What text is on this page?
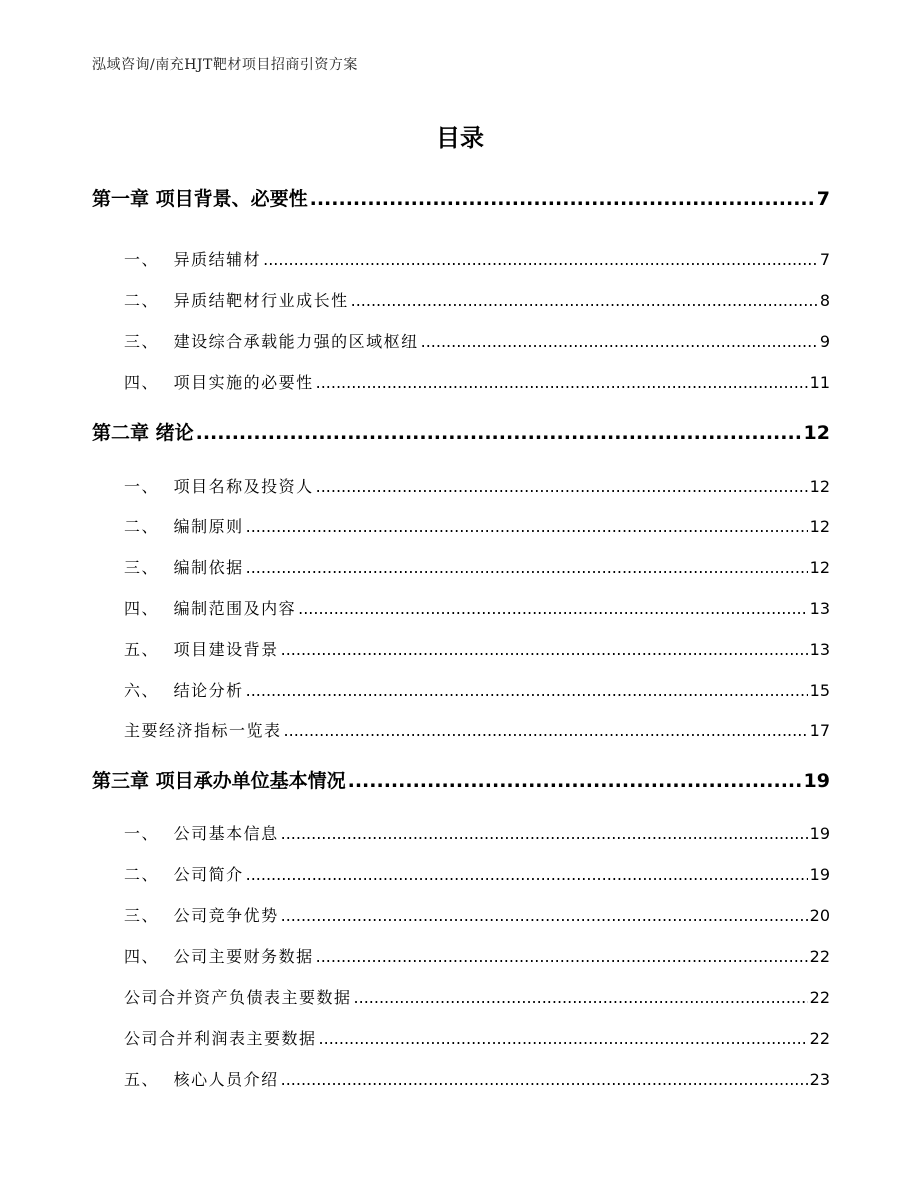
泓域咨询/南充HJT靶材项目招商引资方案
目录
第一章 项目背景、必要性 .....	7
一、 异质结辅材 .....	7
二、 异质结靶材行业成长性 .....	8
三、 建设综合承载能力强的区域枢纽 .....	9
四、 项目实施的必要性 .....	11
第二章 绪论 .....	12
一、 项目名称及投资人 .....	12
二、 编制原则 .....	12
三、 编制依据 .....	12
四、 编制范围及内容 .....	13
五、 项目建设背景 .....	13
六、 结论分析 .....	15
主要经济指标一览表 .....	17
第三章 项目承办单位基本情况 .....	19
一、 公司基本信息 .....	19
二、 公司简介 .....	19
三、 公司竞争优势 .....	20
四、 公司主要财务数据 .....	22
公司合并资产负债表主要数据 .....	22
公司合并利润表主要数据 .....	22
五、 核心人员介绍 .....	23
